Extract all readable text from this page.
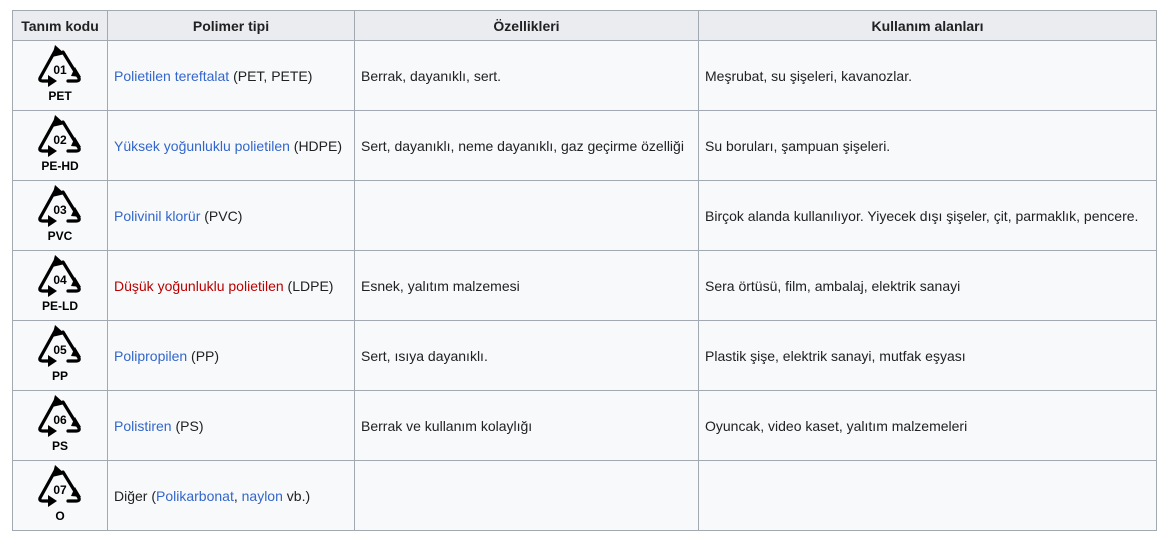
Tanım kodu	Polimer tipi	Özellikleri	Kullanım alanları

01
PET	Polietilen tereftalat (PET, PETE)	Berrak, dayanıklı, sert.	Meşrubat, su şişeleri, kavanozlar.

02
PE-HD	Yüksek yoğunluklu polietilen (HDPE)	Sert, dayanıklı, neme dayanıklı, gaz geçirme özelliği	Su boruları, şampuan şişeleri.

03
PVC	Polivinil klorür (PVC)		Birçok alanda kullanılıyor. Yiyecek dışı şişeler, çit, parmaklık, pencere.

04
PE-LD	Düşük yoğunluklu polietilen (LDPE)	Esnek, yalıtım malzemesi	Sera örtüsü, film, ambalaj, elektrik sanayi

05
PP	Polipropilen (PP)	Sert, ısıya dayanıklı.	Plastik şişe, elektrik sanayi, mutfak eşyası

06
PS	Polistiren (PS)	Berrak ve kullanım kolaylığı	Oyuncak, video kaset, yalıtım malzemeleri

07
O	Diğer (Polikarbonat, naylon vb.)		
